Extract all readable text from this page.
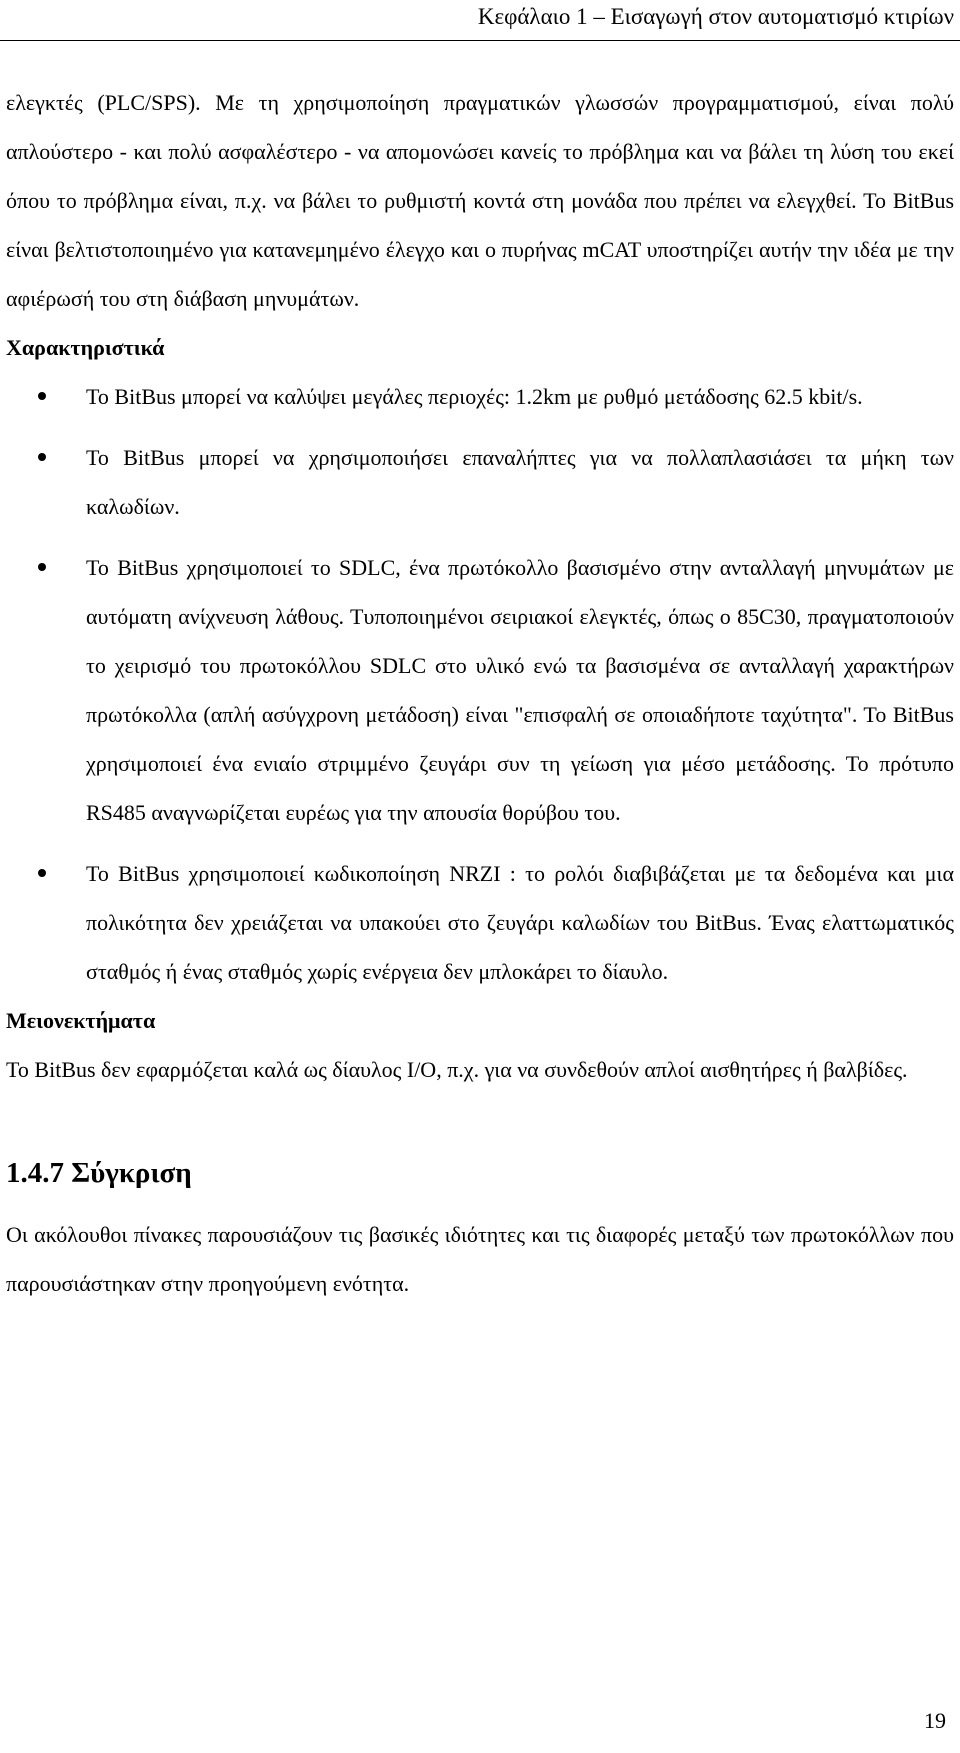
Κεφάλαιο 1 – Εισαγωγή στον αυτοματισμό κτιρίων

ελεγκτές (PLC/SPS). Με τη χρησιμοποίηση πραγματικών γλωσσών προγραμματισμού, είναι πολύ απλούστερο - και πολύ ασφαλέστερο - να απομονώσει κανείς το πρόβλημα και να βάλει τη λύση του εκεί όπου το πρόβλημα είναι, π.χ. να βάλει το ρυθμιστή κοντά στη μονάδα που πρέπει να ελεγχθεί. Το BitBus είναι βελτιστοποιημένο για κατανεμημένο έλεγχο και ο πυρήνας mCAT υποστηρίζει αυτήν την ιδέα με την αφιέρωσή του στη διάβαση μηνυμάτων.

Χαρακτηριστικά
Το BitBus μπορεί να καλύψει μεγάλες περιοχές: 1.2km με ρυθμό μετάδοσης 62.5 kbit/s.
Το BitBus μπορεί να χρησιμοποιήσει επαναλήπτες για να πολλαπλασιάσει τα μήκη των καλωδίων.
Το BitBus χρησιμοποιεί το SDLC, ένα πρωτόκολλο βασισμένο στην ανταλλαγή μηνυμάτων με αυτόματη ανίχνευση λάθους. Τυποποιημένοι σειριακοί ελεγκτές, όπως ο 85C30, πραγματοποιούν το χειρισμό του πρωτοκόλλου SDLC στο υλικό ενώ τα βασισμένα σε ανταλλαγή χαρακτήρων πρωτόκολλα (απλή ασύγχρονη μετάδοση) είναι "επισφαλή σε οποιαδήποτε ταχύτητα". Το BitBus χρησιμοποιεί ένα ενιαίο στριμμένο ζευγάρι συν τη γείωση για μέσο μετάδοσης. Το πρότυπο RS485 αναγνωρίζεται ευρέως για την απουσία θορύβου του.
Το BitBus χρησιμοποιεί κωδικοποίηση NRZI : το ρολόι διαβιβάζεται με τα δεδομένα και μια πολικότητα δεν χρειάζεται να υπακούει στο ζευγάρι καλωδίων του BitBus. Ένας ελαττωματικός σταθμός ή ένας σταθμός χωρίς ενέργεια δεν μπλοκάρει το δίαυλο.
Μειονεκτήματα

Το BitBus δεν εφαρμόζεται καλά ως δίαυλος I/O, π.χ. για να συνδεθούν απλοί αισθητήρες ή βαλβίδες.

1.4.7 Σύγκριση

Οι ακόλουθοι πίνακες παρουσιάζουν τις βασικές ιδιότητες και τις διαφορές μεταξύ των πρωτοκόλλων που παρουσιάστηκαν στην προηγούμενη ενότητα.

19
